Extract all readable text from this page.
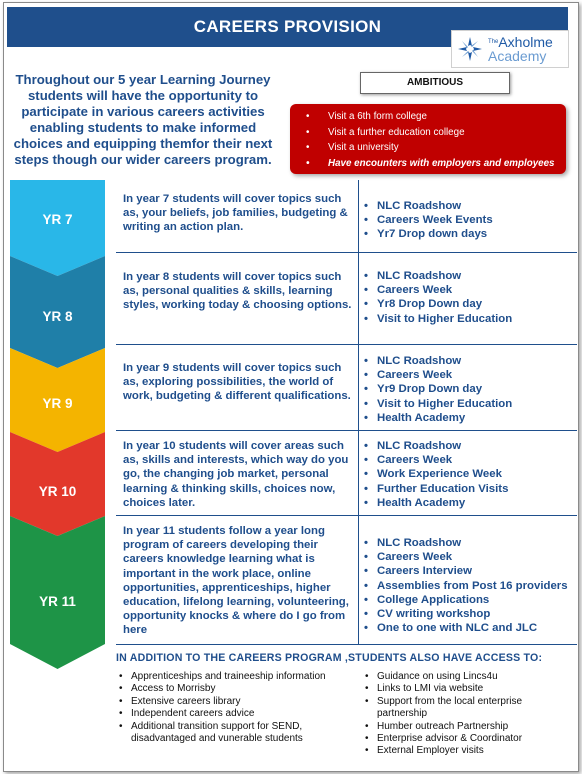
CAREERS PROVISION
$^{The}$Axholme
Academy
Throughout our 5 year Learning Journey students will have the opportunity to participate in various careers activities enabling students to make informed choices and equipping themfor their next steps though our wider careers program.
AMBITIOUS
• Visit a 6th form college
• Visit a further education college
• Visit a university
• Have encounters with employers and employees
YR 7
YR 8
YR 9
YR 10
YR 11
In year 7 students will cover topics such as, your beliefs, job families, budgeting & writing an action plan.
• NLC Roadshow
• Careers Week Events
• Yr7 Drop down days
In year 8 students will cover topics such as, personal qualities & skills, learning styles, working today & choosing options.
• NLC Roadshow
• Careers Week
• Yr8 Drop Down day
• Visit to Higher Education
In year 9 students will cover topics such as, exploring possibilities, the world of work, budgeting & different qualifications.
• NLC Roadshow
• Careers Week
• Yr9 Drop Down day
• Visit to Higher Education
• Health Academy
In year 10 students will cover areas such as, skills and interests, which way do you go, the changing job market, personal learning & thinking skills, choices now, choices later.
• NLC Roadshow
• Careers Week
• Work Experience Week
• Further Education Visits
• Health Academy
In year 11 students follow a year long program of careers developing their careers knowledge learning what is important in the work place, online opportunities, apprenticeships, higher education, lifelong learning, volunteering, opportunity knocks & where do I go from here
• NLC Roadshow
• Careers Week
• Careers Interview
• Assemblies from Post 16 providers
• College Applications
• CV writing workshop
• One to one with NLC and JLC
IN ADDITION TO THE CAREERS PROGRAM ,STUDENTS ALSO HAVE ACCESS TO:
• Apprenticeships and traineeship information
• Access to Morrisby
• Extensive careers library
• Independent careers advice
• Additional transition support for SEND, disadvantaged and vunerable students
• Guidance on using Lincs4u
• Links to LMI via website
• Support from the local enterprise partnership
• Humber outreach Partnership
• Enterprise advisor & Coordinator
• External Employer visits
